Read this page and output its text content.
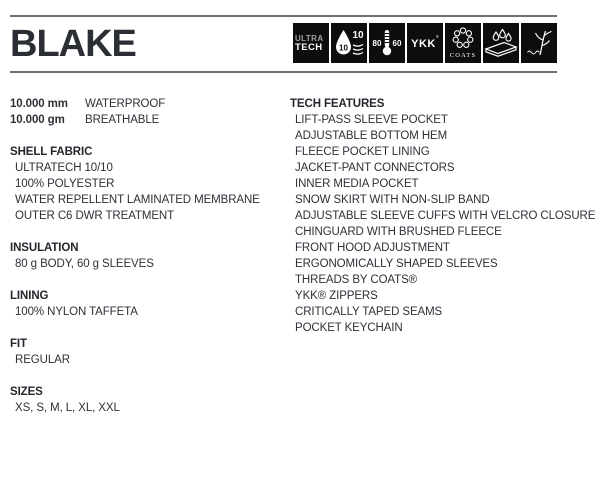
BLAKE	ULTRA
TECH	10
10
80 60 YKK®
COATS
10.000 mm WATERPROOF
10.000 gm BREATHABLE
SHELL FABRIC
ULTRATECH 10/10
100% POLYESTER
WATER REPELLENT LAMINATED MEMBRANE
OUTER C6 DWR TREATMENT
INSULATION
80 g BODY, 60 g SLEEVES
LINING
100% NYLON TAFFETA
FIT
REGULAR
SIZES
XS, S, M, L, XL, XXL
TECH FEATURES
LIFT-PASS SLEEVE POCKET
ADJUSTABLE BOTTOM HEM
FLEECE POCKET LINING
JACKET-PANT CONNECTORS
INNER MEDIA POCKET
SNOW SKIRT WITH NON-SLIP BAND
ADJUSTABLE SLEEVE CUFFS WITH VELCRO CLOSURE
CHINGUARD WITH BRUSHED FLEECE
FRONT HOOD ADJUSTMENT
ERGONOMICALLY SHAPED SLEEVES
THREADS BY COATS®
YKK® ZIPPERS
CRITICALLY TAPED SEAMS
POCKET KEYCHAIN
